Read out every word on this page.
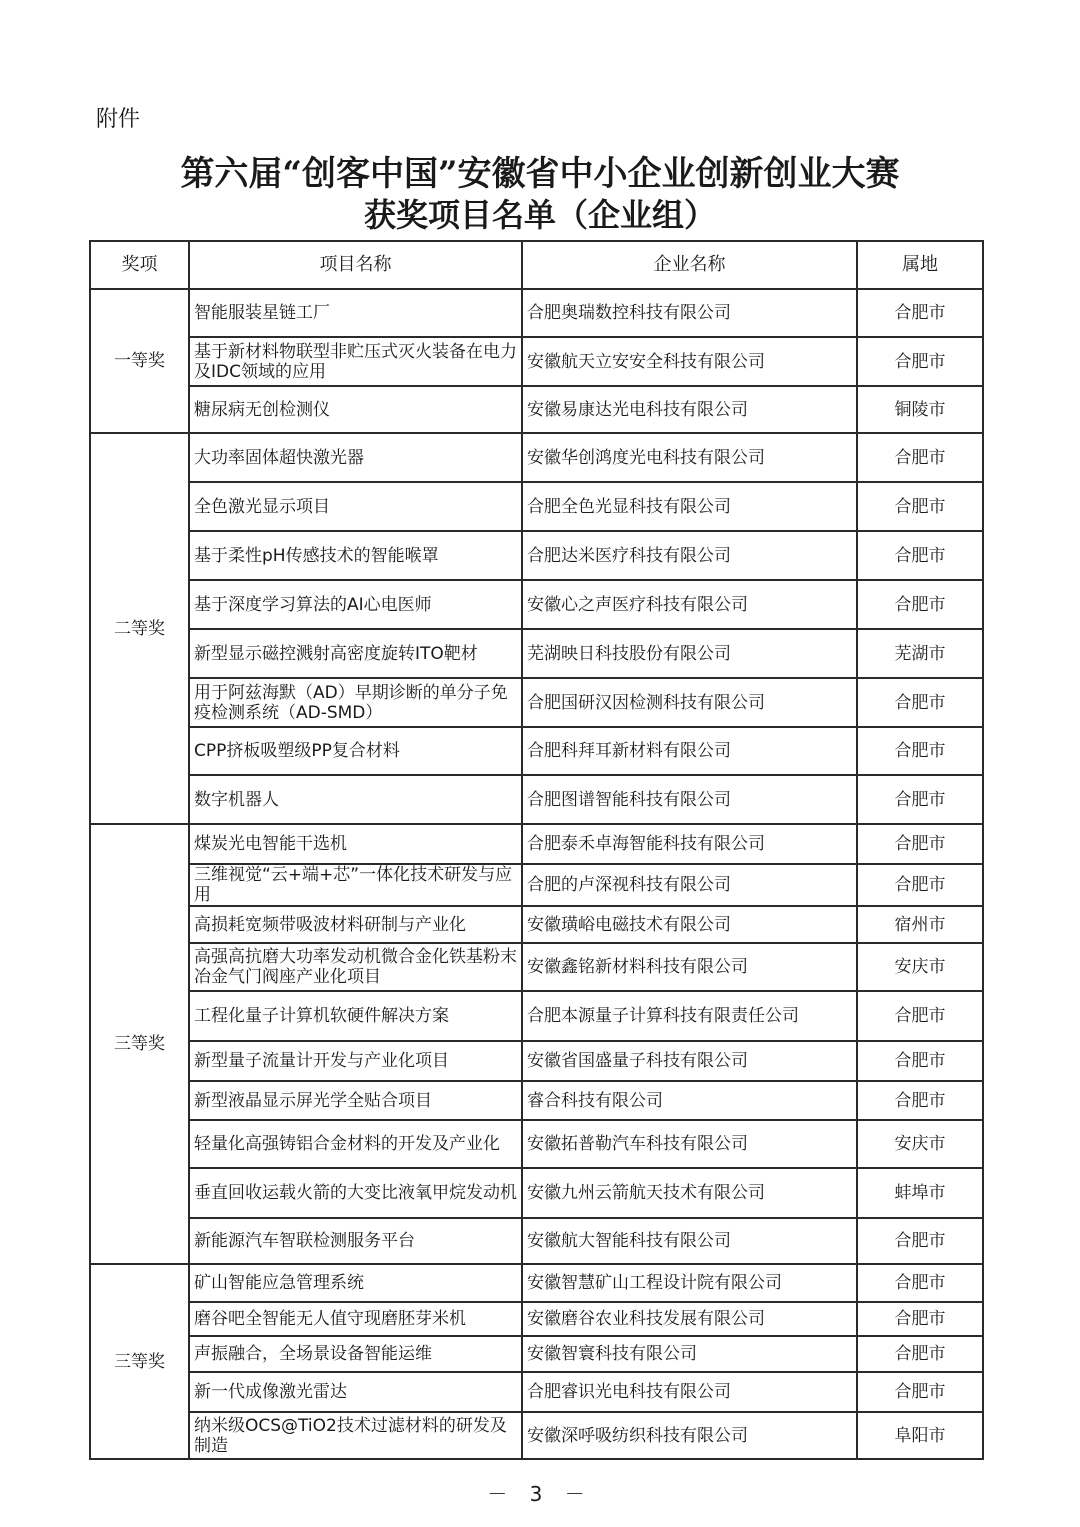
附件
第六届“创客中国”安徽省中小企业创新创业大赛
获奖项目名单（企业组）
奖项	项目名称	企业名称	属地
一等奖	智能服装星链工厂	合肥奥瑞数控科技有限公司	合肥市
	基于新材料物联型非贮压式灭火装备在电力及IDC领域的应用	安徽航天立安安全科技有限公司	合肥市
	糖尿病无创检测仪	安徽易康达光电科技有限公司	铜陵市
二等奖	大功率固体超快激光器	安徽华创鸿度光电科技有限公司	合肥市
	全色激光显示项目	合肥全色光显科技有限公司	合肥市
	基于柔性pH传感技术的智能喉罩	合肥达米医疗科技有限公司	合肥市
	基于深度学习算法的AI心电医师	安徽心之声医疗科技有限公司	合肥市
	新型显示磁控溅射高密度旋转ITO靶材	芜湖映日科技股份有限公司	芜湖市
	用于阿兹海默（AD）早期诊断的单分子免疫检测系统（AD-SMD）	合肥国研汉因检测科技有限公司	合肥市
	CPP挤板吸塑级PP复合材料	合肥科拜耳新材料有限公司	合肥市
	数字机器人	合肥图谱智能科技有限公司	合肥市
三等奖	煤炭光电智能干选机	合肥泰禾卓海智能科技有限公司	合肥市
	三维视觉“云+端+芯”一体化技术研发与应用	合肥的卢深视科技有限公司	合肥市
	高损耗宽频带吸波材料研制与产业化	安徽璜峪电磁技术有限公司	宿州市
	高强高抗磨大功率发动机微合金化铁基粉末冶金气门阀座产业化项目	安徽鑫铭新材料科技有限公司	安庆市
	工程化量子计算机软硬件解决方案	合肥本源量子计算科技有限责任公司	合肥市
	新型量子流量计开发与产业化项目	安徽省国盛量子科技有限公司	合肥市
	新型液晶显示屏光学全贴合项目	睿合科技有限公司	合肥市
	轻量化高强铸铝合金材料的开发及产业化	安徽拓普勒汽车科技有限公司	安庆市
	垂直回收运载火箭的大变比液氧甲烷发动机	安徽九州云箭航天技术有限公司	蚌埠市
	新能源汽车智联检测服务平台	安徽航大智能科技有限公司	合肥市
三等奖	矿山智能应急管理系统	安徽智慧矿山工程设计院有限公司	合肥市
	磨谷吧全智能无人值守现磨胚芽米机	安徽磨谷农业科技发展有限公司	合肥市
	声振融合，全场景设备智能运维	安徽智寰科技有限公司	合肥市
	新一代成像激光雷达	合肥睿识光电科技有限公司	合肥市
	纳米级OCS@TiO2技术过滤材料的研发及制造	安徽深呼吸纺织科技有限公司	阜阳市
－ 3 －
